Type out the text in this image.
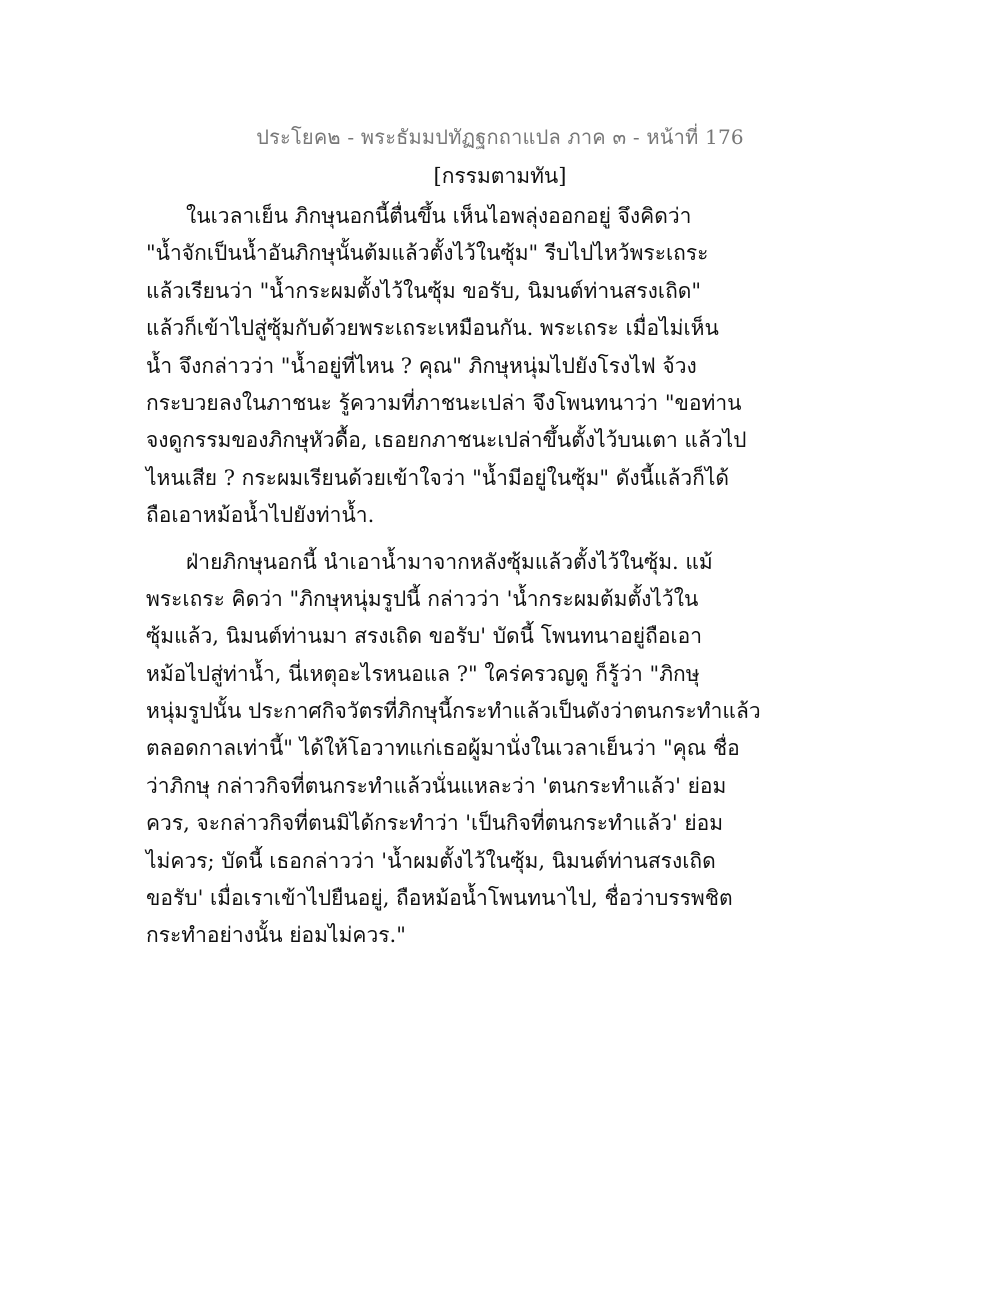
ประโยค๒ - พระธัมมปทัฏฐกถาแปล ภาค ๓ - หน้าที่ 176
[กรรมตามทัน]
ในเวลาเย็น ภิกษุนอกนี้ตื่นขึ้น เห็นไอพลุ่งออกอยู่ จึงคิดว่า
"น้ำจักเป็นน้ำอันภิกษุนั้นต้มแล้วตั้งไว้ในซุ้ม" รีบไปไหว้พระเถระ
แล้วเรียนว่า "น้ำกระผมตั้งไว้ในซุ้ม ขอรับ, นิมนต์ท่านสรงเถิด"
แล้วก็เข้าไปสู่ซุ้มกับด้วยพระเถระเหมือนกัน. พระเถระ เมื่อไม่เห็น
น้ำ จึงกล่าวว่า "น้ำอยู่ที่ไหน ? คุณ" ภิกษุหนุ่มไปยังโรงไฟ จ้วง
กระบวยลงในภาชนะ รู้ความที่ภาชนะเปล่า จึงโพนทนาว่า "ขอท่าน
จงดูกรรมของภิกษุหัวดื้อ, เธอยกภาชนะเปล่าขึ้นตั้งไว้บนเตา แล้วไป
ไหนเสีย ? กระผมเรียนด้วยเข้าใจว่า "น้ำมีอยู่ในซุ้ม" ดังนี้แล้วก็ได้
ถือเอาหม้อน้ำไปยังท่าน้ำ.
ฝ่ายภิกษุนอกนี้ นำเอาน้ำมาจากหลังซุ้มแล้วตั้งไว้ในซุ้ม. แม้
พระเถระ คิดว่า "ภิกษุหนุ่มรูปนี้ กล่าวว่า 'น้ำกระผมต้มตั้งไว้ใน
ซุ้มแล้ว, นิมนต์ท่านมา สรงเถิด ขอรับ' บัดนี้ โพนทนาอยู่ถือเอา
หม้อไปสู่ท่าน้ำ, นี่เหตุอะไรหนอแล ?" ใคร่ครวญดู ก็รู้ว่า "ภิกษุ
หนุ่มรูปนั้น ประกาศกิจวัตรที่ภิกษุนี้กระทำแล้วเป็นดังว่าตนกระทำแล้ว
ตลอดกาลเท่านี้" ได้ให้โอวาทแก่เธอผู้มานั่งในเวลาเย็นว่า "คุณ ชื่อ
ว่าภิกษุ กล่าวกิจที่ตนกระทำแล้วนั่นแหละว่า 'ตนกระทำแล้ว' ย่อม
ควร, จะกล่าวกิจที่ตนมิได้กระทำว่า 'เป็นกิจที่ตนกระทำแล้ว' ย่อม
ไม่ควร; บัดนี้ เธอกล่าวว่า 'น้ำผมตั้งไว้ในซุ้ม, นิมนต์ท่านสรงเถิด
ขอรับ' เมื่อเราเข้าไปยืนอยู่, ถือหม้อน้ำโพนทนาไป, ชื่อว่าบรรพชิต
กระทำอย่างนั้น ย่อมไม่ควร."
